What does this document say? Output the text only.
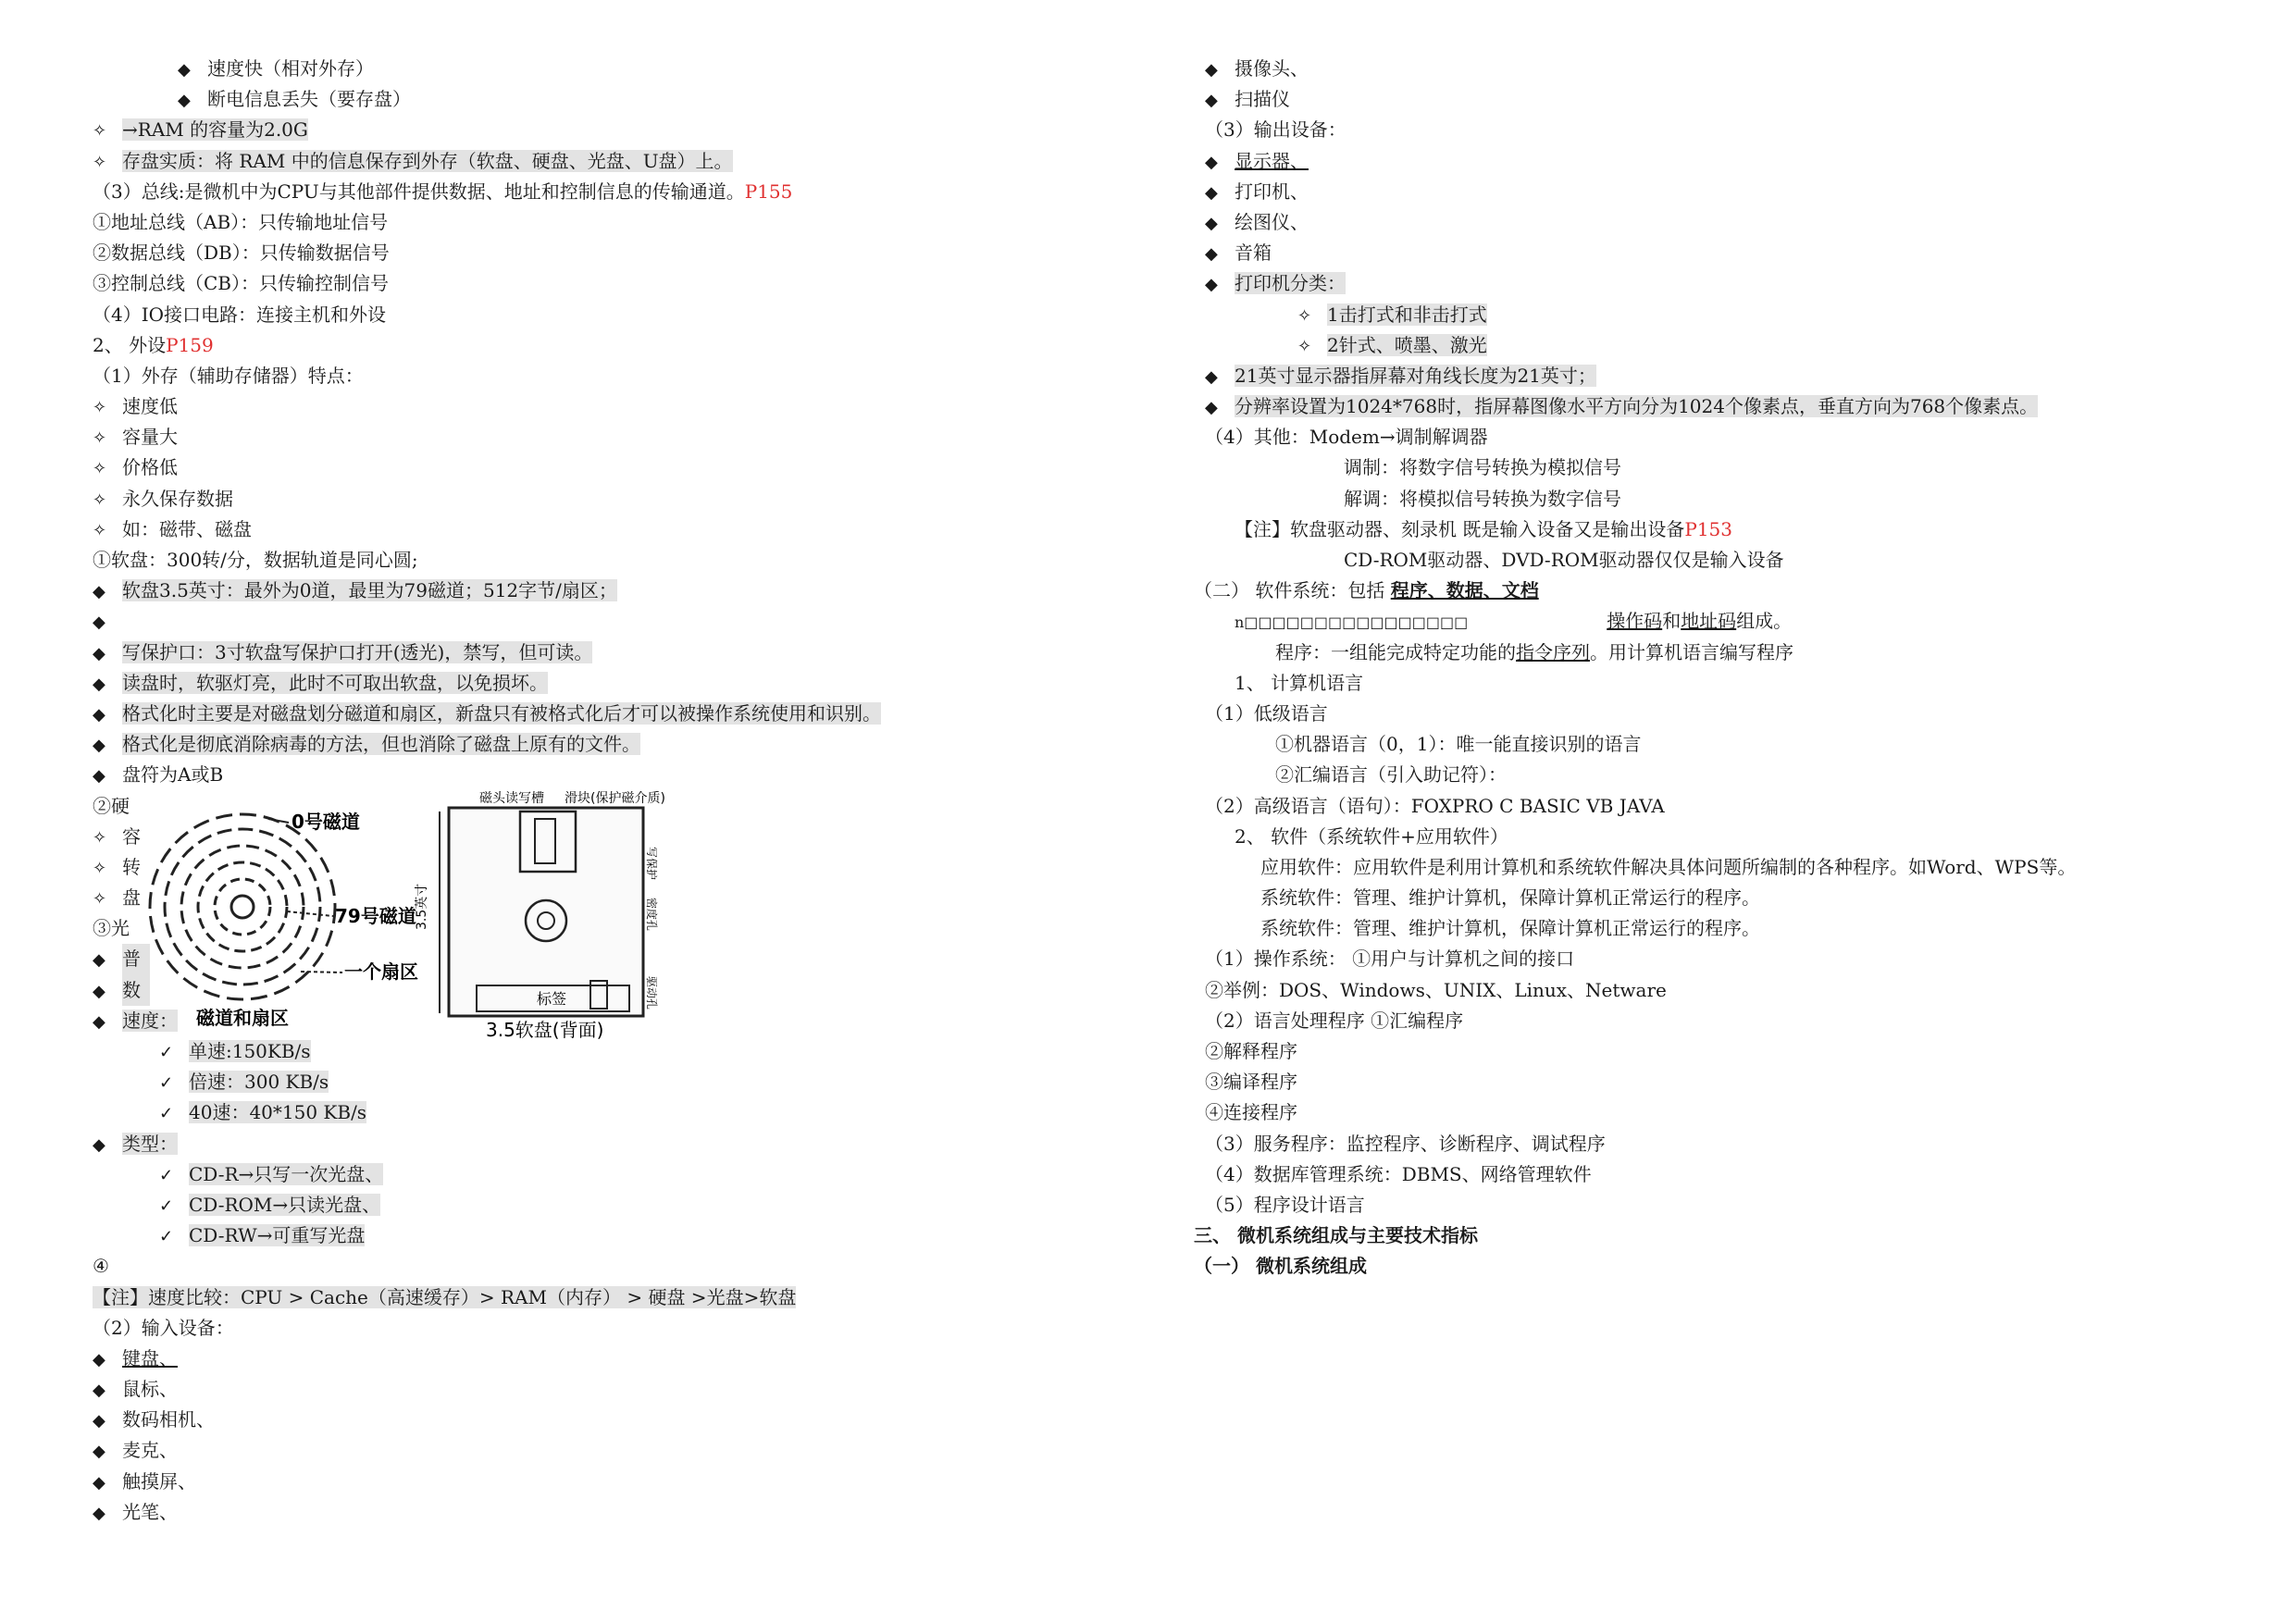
◆ 速度快（相对外存）
◆ 断电信息丢失（要存盘）
✧ →RAM 的容量为2.0G
✧ 存盘实质：将 RAM 中的信息保存到外存（软盘、硬盘、光盘、U盘）上。
（3）总线:是微机中为CPU与其他部件提供数据、地址和控制信息的传输通道。P155
①地址总线（AB）：只传输地址信号
②数据总线（DB）：只传输数据信号
③控制总线（CB）：只传输控制信号
（4）IO接口电路：连接主机和外设
2、 外设P159
（1）外存（辅助存储器）特点：
✧ 速度低
✧ 容量大
✧ 价格低
✧ 永久保存数据
✧ 如：磁带、磁盘
①软盘：300转/分，数据轨道是同心圆;
◆ 软盘3.5英寸：最外为0道，最里为79磁道；512字节/扇区；
◆
◆ 写保护口：3寸软盘写保护口打开(透光)，禁写，但可读。
◆ 读盘时，软驱灯亮，此时不可取出软盘，以免损坏。
◆ 格式化时主要是对磁盘划分磁道和扇区，新盘只有被格式化后才可以被操作系统使用和识别。
◆ 格式化是彻底消除病毒的方法，但也消除了磁盘上原有的文件。
◆ 盘符为A或B
②硬
✧ 容
✧ 转
✧ 盘
③光
◆ 普
◆ 数
◆ 速度：
✓ 单速:150KB/s
✓ 倍速：300 KB/s
✓ 40速：40*150 KB/s
◆ 类型：
✓ CD-R→只写一次光盘、
✓ CD-ROM→只读光盘、
✓ CD-RW→可重写光盘
④
【注】速度比较：CPU > Cache（高速缓存）> RAM（内存） > 硬盘 >光盘>软盘
（2）输入设备：
◆ 键盘、
◆ 鼠标、
◆ 数码相机、
◆ 麦克、
◆ 触摸屏、
◆ 光笔、
0号磁道
79号磁道
一个扇区
磁道和扇区
磁头读写槽 滑块(保护磁介质)
3.5英寸
写保护
密度孔
驱动孔
标签
3.5软盘(背面)
◆ 摄像头、
◆ 扫描仪
（3）输出设备：
◆ 显示器、
◆ 打印机、
◆ 绘图仪、
◆ 音箱
◆ 打印机分类：
✧ 1击打式和非击打式
✧ 2针式、喷墨、激光
◆ 21英寸显示器指屏幕对角线长度为21英寸；
◆ 分辨率设置为1024*768时，指屏幕图像水平方向分为1024个像素点，垂直方向为768个像素点。
（4）其他：Modem→调制解调器
调制：将数字信号转换为模拟信号
解调：将模拟信号转换为数字信号
【注】软盘驱动器、刻录机 既是输入设备又是输出设备P153
CD-ROM驱动器、DVD-ROM驱动器仅仅是输入设备
（二） 软件系统：包括 程序、数据、文档
n□□□□□□□□□□□□□□□□	操作码和地址码组成。
程序：一组能完成特定功能的指令序列。用计算机语言编写程序
1、 计算机语言
（1）低级语言
①机器语言（0，1）：唯一能直接识别的语言
②汇编语言（引入助记符）：
（2）高级语言（语句）：FOXPRO C BASIC VB JAVA
2、 软件（系统软件+应用软件）
应用软件：应用软件是利用计算机和系统软件解决具体问题所编制的各种程序。如Word、WPS等。
系统软件：管理、维护计算机，保障计算机正常运行的程序。
系统软件：管理、维护计算机，保障计算机正常运行的程序。
（1）操作系统： ①用户与计算机之间的接口
②举例：DOS、Windows、UNIX、Linux、Netware
（2）语言处理程序 ①汇编程序
②解释程序
③编译程序
④连接程序
（3）服务程序：监控程序、诊断程序、调试程序
（4）数据库管理系统：DBMS、网络管理软件
（5）程序设计语言
三、 微机系统组成与主要技术指标
（一） 微机系统组成
